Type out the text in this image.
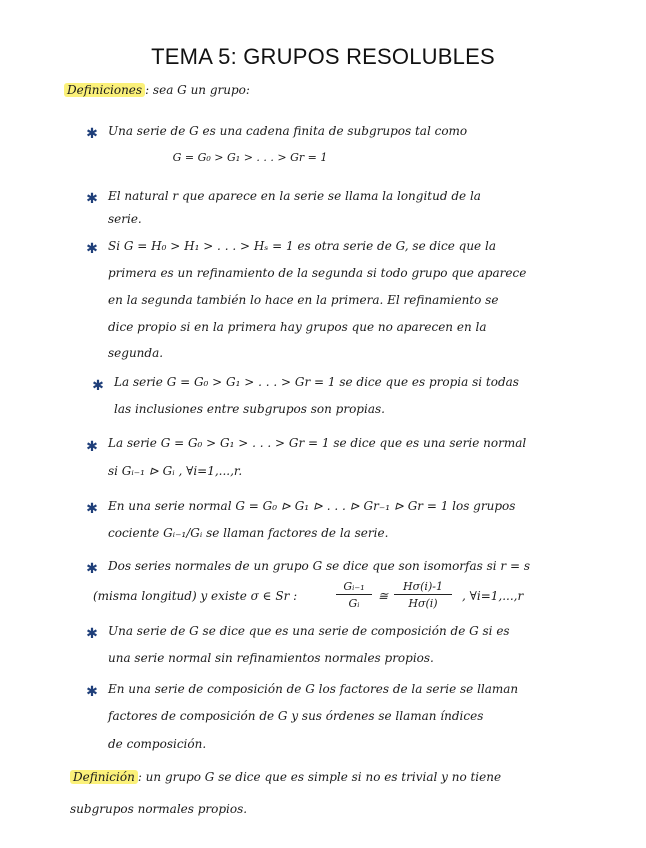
TEMA 5: GRUPOS RESOLUBLES
Definiciones : sea G un grupo:
✱ Una serie de G es una cadena finita de subgrupos tal como
G = G₀ > G₁ > . . . > Gr = 1
✱ El natural r que aparece en la serie se llama la longitud de la
serie.
✱ Si G = H₀ > H₁ > . . . > Hₛ = 1 es otra serie de G, se dice que la
primera es un refinamiento de la segunda si todo grupo que aparece
en la segunda también lo hace en la primera. El refinamiento se
dice propio si en la primera hay grupos que no aparecen en la
segunda.
✱ La serie G = G₀ > G₁ > . . . > Gr = 1 se dice que es propia si todas
las inclusiones entre subgrupos son propias.
✱ La serie G = G₀ > G₁ > . . . > Gr = 1 se dice que es una serie normal
si Gᵢ₋₁ ⊳ Gᵢ , ∀i=1,...,r.
✱ En una serie normal G = G₀ ⊳ G₁ ⊳ . . . ⊳ Gr₋₁ ⊳ Gr = 1 los grupos
cociente Gᵢ₋₁/Gᵢ se llaman factores de la serie.
✱ Dos series normales de un grupo G se dice que son isomorfas si r = s
(misma longitud) y existe σ ∈ Sr :
Gᵢ₋₁
Gᵢ
≅
Hσ(i)-1
Hσ(i)
, ∀i=1,...,r
✱ Una serie de G se dice que es una serie de composición de G si es
una serie normal sin refinamientos normales propios.
✱ En una serie de composición de G los factores de la serie se llaman
factores de composición de G y sus órdenes se llaman índices
de composición.
Definición : un grupo G se dice que es simple si no es trivial y no tiene
subgrupos normales propios.
